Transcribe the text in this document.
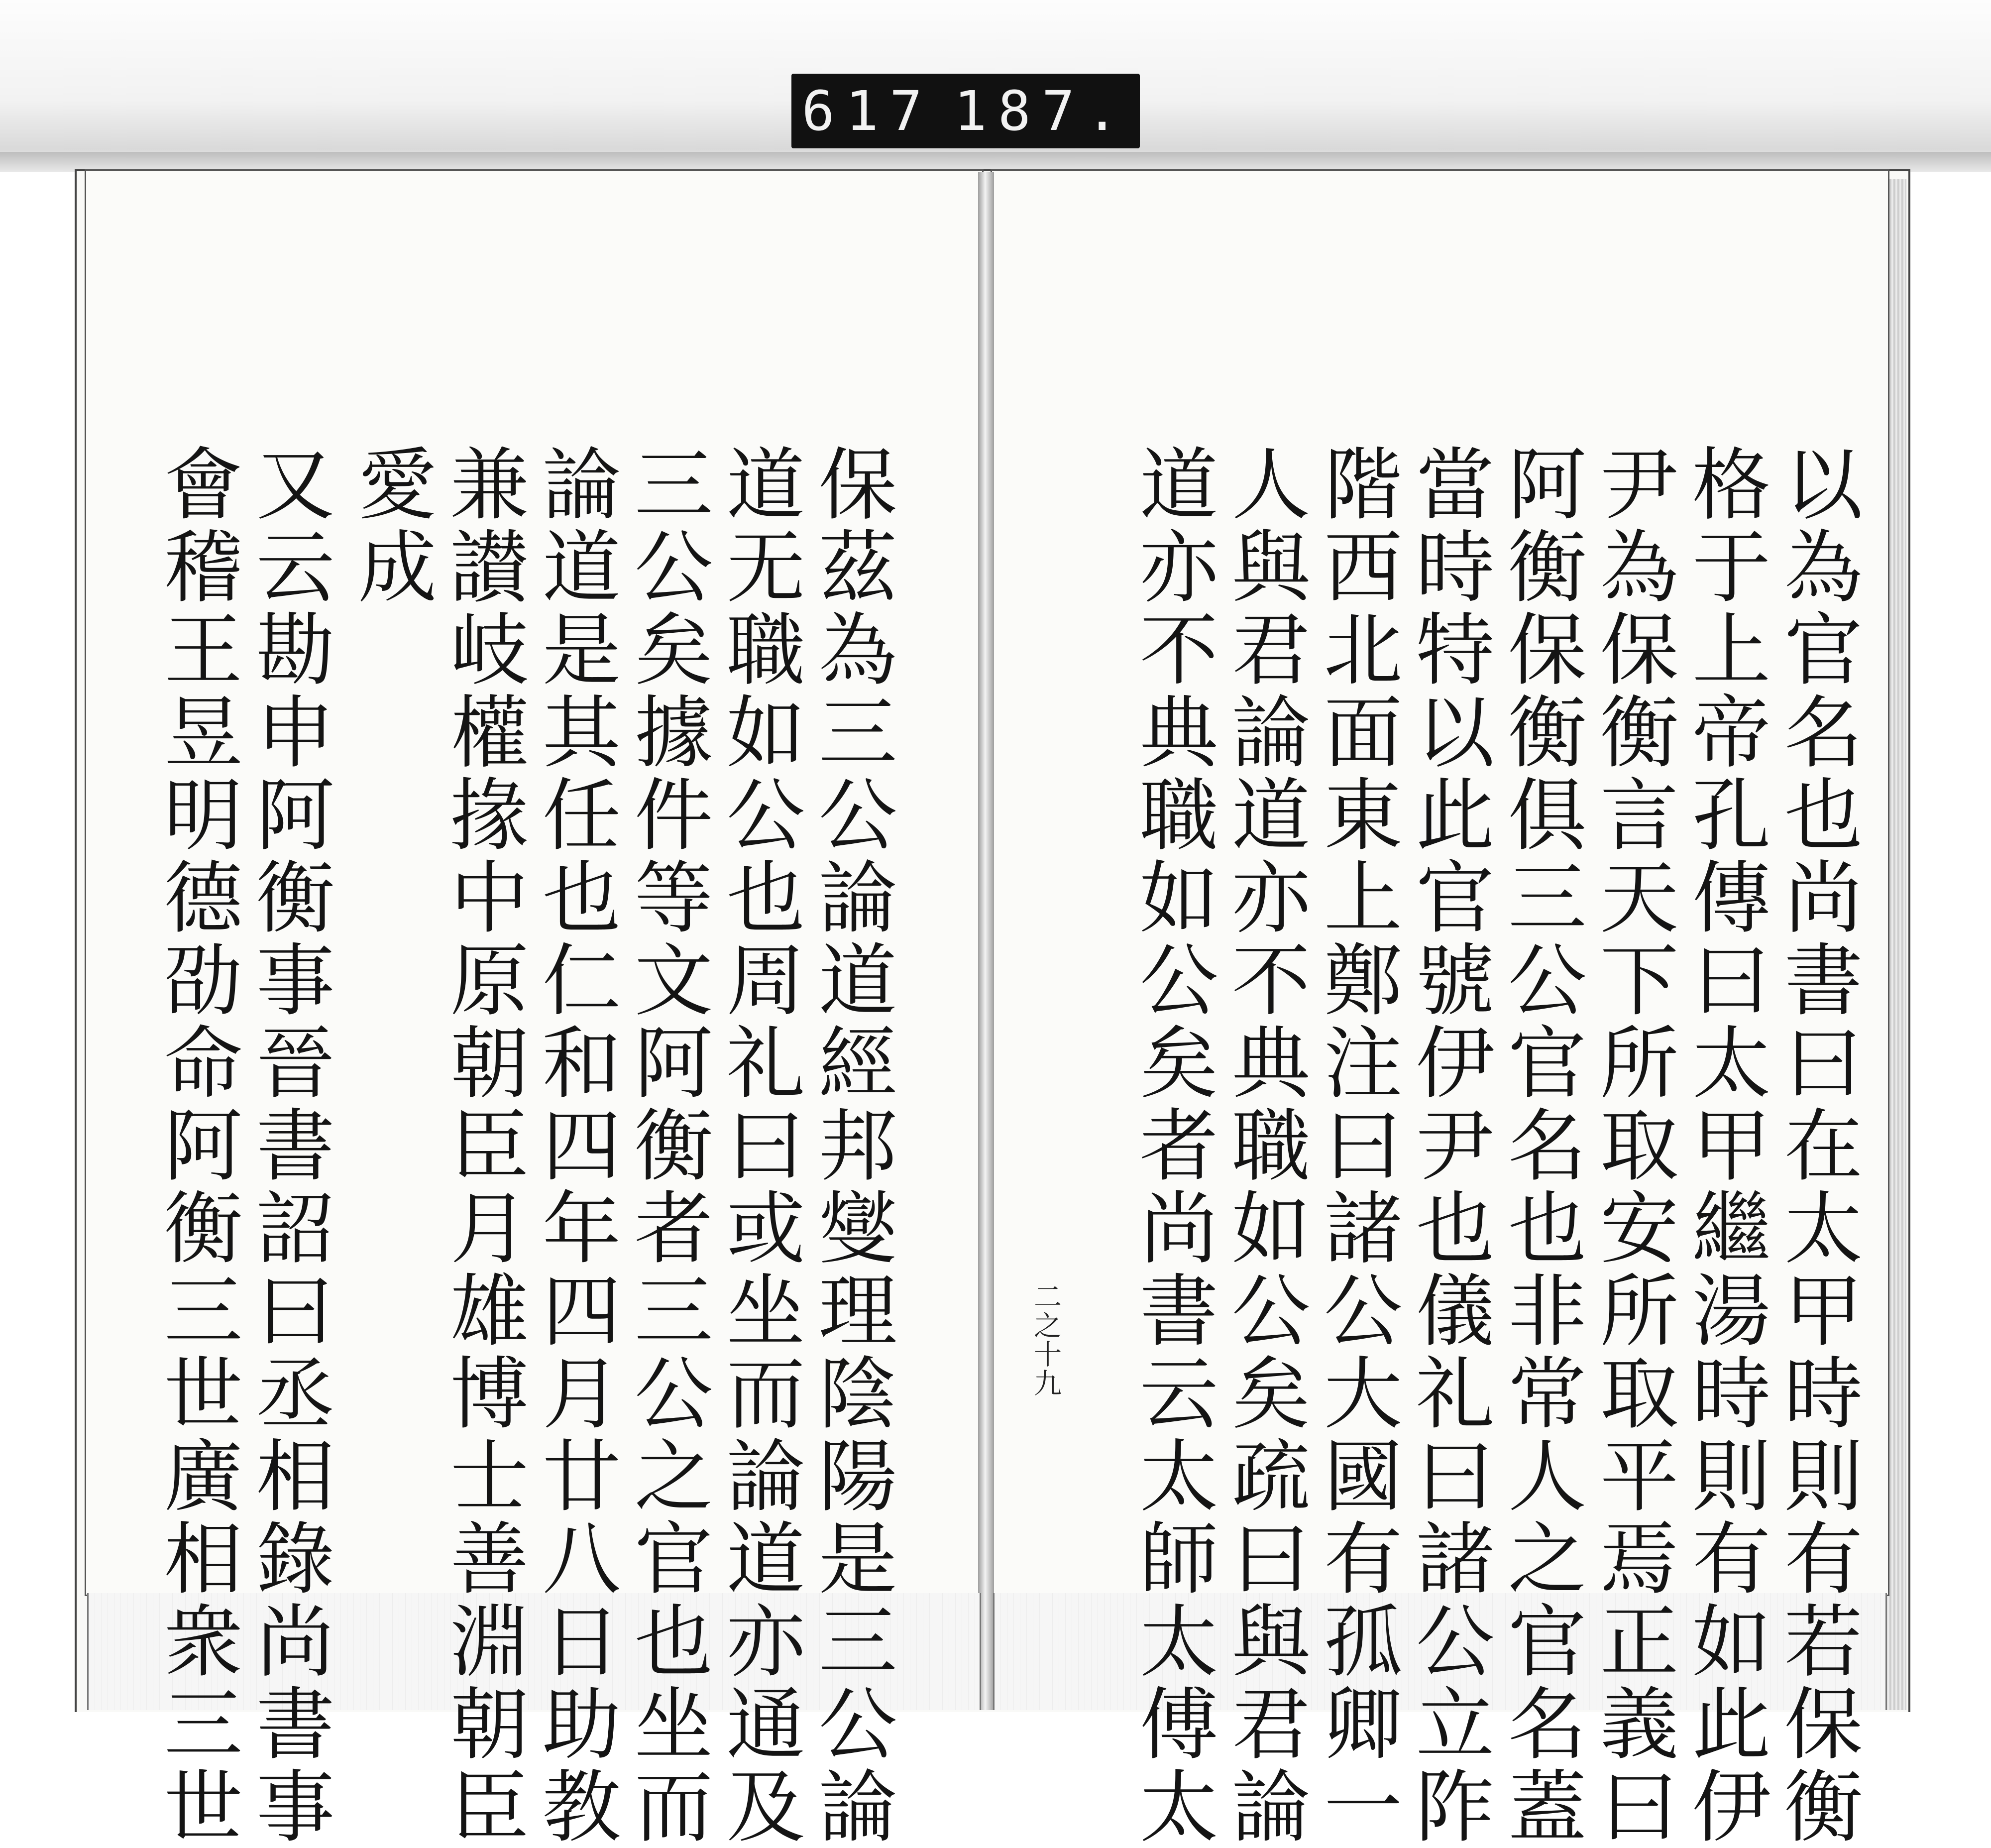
617 187.
以為官名也尚書曰在太甲時則有若保衡
格于上帝孔傳曰太甲繼湯時則有如此伊
尹為保衡言天下所取安所取平焉正義曰
阿衡保衡俱三公官名也非常人之官名蓋
當時特以此官號伊尹也儀礼曰諸公立阼
階西北面東上鄭注曰諸公大國有孤卿一
人與君論道亦不典職如公矣疏曰與君論
道亦不典職如公矣者尚書云太師太傅太
二之十九
保茲為三公論道經邦燮理陰陽是三公論
道无職如公也周礼曰或坐而論道亦通及
三公矣據件等文阿衡者三公之官也坐而
論道是其任也仁和四年四月廿八日助教
兼讃岐權掾中原朝臣月雄博士善淵朝臣
愛成
又云勘申阿衡事晉書詔曰丞相錄尚書事
會稽王昱明德劭命阿衡三世廣相衆三世
